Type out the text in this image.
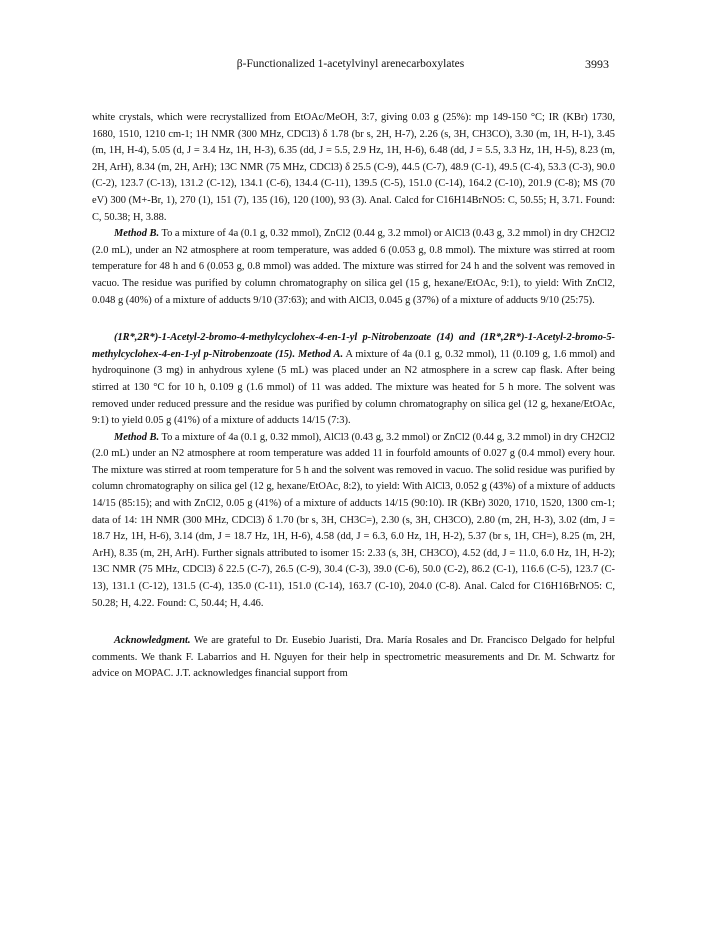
β-Functionalized 1-acetylvinyl arenecarboxylates	3993

white crystals, which were recrystallized from EtOAc/MeOH, 3:7, giving 0.03 g (25%): mp 149-150 °C; IR (KBr) 1730, 1680, 1510, 1210 cm-1; 1H NMR (300 MHz, CDCl3) δ 1.78 (br s, 2H, H-7), 2.26 (s, 3H, CH3CO), 3.30 (m, 1H, H-1), 3.45 (m, 1H, H-4), 5.05 (d, J = 3.4 Hz, 1H, H-3), 6.35 (dd, J = 5.5, 2.9 Hz, 1H, H-6), 6.48 (dd, J = 5.5, 3.3 Hz, 1H, H-5), 8.23 (m, 2H, ArH), 8.34 (m, 2H, ArH); 13C NMR (75 MHz, CDCl3) δ 25.5 (C-9), 44.5 (C-7), 48.9 (C-1), 49.5 (C-4), 53.3 (C-3), 90.0 (C-2), 123.7 (C-13), 131.2 (C-12), 134.1 (C-6), 134.4 (C-11), 139.5 (C-5), 151.0 (C-14), 164.2 (C-10), 201.9 (C-8); MS (70 eV) 300 (M+-Br, 1), 270 (1), 151 (7), 135 (16), 120 (100), 93 (3). Anal. Calcd for C16H14BrNO5: C, 50.55; H, 3.71. Found: C, 50.38; H, 3.88.

Method B. To a mixture of 4a (0.1 g, 0.32 mmol), ZnCl2 (0.44 g, 3.2 mmol) or AlCl3 (0.43 g, 3.2 mmol) in dry CH2Cl2 (2.0 mL), under an N2 atmosphere at room temperature, was added 6 (0.053 g, 0.8 mmol). The mixture was stirred at room temperature for 48 h and 6 (0.053 g, 0.8 mmol) was added. The mixture was stirred for 24 h and the solvent was removed in vacuo. The residue was purified by column chromatography on silica gel (15 g, hexane/EtOAc, 9:1), to yield: With ZnCl2, 0.048 g (40%) of a mixture of adducts 9/10 (37:63); and with AlCl3, 0.045 g (37%) of a mixture of adducts 9/10 (25:75).

(1R*,2R*)-1-Acetyl-2-bromo-4-methylcyclohex-4-en-1-yl p-Nitrobenzoate (14) and (1R*,2R*)-1-Acetyl-2-bromo-5-methylcyclohex-4-en-1-yl p-Nitrobenzoate (15). Method A. A mixture of 4a (0.1 g, 0.32 mmol), 11 (0.109 g, 1.6 mmol) and hydroquinone (3 mg) in anhydrous xylene (5 mL) was placed under an N2 atmosphere in a screw cap flask. After being stirred at 130 °C for 10 h, 0.109 g (1.6 mmol) of 11 was added. The mixture was heated for 5 h more. The solvent was removed under reduced pressure and the residue was purified by column chromatography on silica gel (12 g, hexane/EtOAc, 9:1) to yield 0.05 g (41%) of a mixture of adducts 14/15 (7:3).

Method B. To a mixture of 4a (0.1 g, 0.32 mmol), AlCl3 (0.43 g, 3.2 mmol) or ZnCl2 (0.44 g, 3.2 mmol) in dry CH2Cl2 (2.0 mL) under an N2 atmosphere at room temperature was added 11 in fourfold amounts of 0.027 g (0.4 mmol) every hour. The mixture was stirred at room temperature for 5 h and the solvent was removed in vacuo. The solid residue was purified by column chromatography on silica gel (12 g, hexane/EtOAc, 8:2), to yield: With AlCl3, 0.052 g (43%) of a mixture of adducts 14/15 (85:15); and with ZnCl2, 0.05 g (41%) of a mixture of adducts 14/15 (90:10). IR (KBr) 3020, 1710, 1520, 1300 cm-1; data of 14: 1H NMR (300 MHz, CDCl3) δ 1.70 (br s, 3H, CH3C=), 2.30 (s, 3H, CH3CO), 2.80 (m, 2H, H-3), 3.02 (dm, J = 18.7 Hz, 1H, H-6), 3.14 (dm, J = 18.7 Hz, 1H, H-6), 4.58 (dd, J = 6.3, 6.0 Hz, 1H, H-2), 5.37 (br s, 1H, CH=), 8.25 (m, 2H, ArH), 8.35 (m, 2H, ArH). Further signals attributed to isomer 15: 2.33 (s, 3H, CH3CO), 4.52 (dd, J = 11.0, 6.0 Hz, 1H, H-2); 13C NMR (75 MHz, CDCl3) δ 22.5 (C-7), 26.5 (C-9), 30.4 (C-3), 39.0 (C-6), 50.0 (C-2), 86.2 (C-1), 116.6 (C-5), 123.7 (C-13), 131.1 (C-12), 131.5 (C-4), 135.0 (C-11), 151.0 (C-14), 163.7 (C-10), 204.0 (C-8). Anal. Calcd for C16H16BrNO5: C, 50.28; H, 4.22. Found: C, 50.44; H, 4.46.

Acknowledgment. We are grateful to Dr. Eusebio Juaristi, Dra. María Rosales and Dr. Francisco Delgado for helpful comments. We thank F. Labarrios and H. Nguyen for their help in spectrometric measurements and Dr. M. Schwartz for advice on MOPAC. J.T. acknowledges financial support from
